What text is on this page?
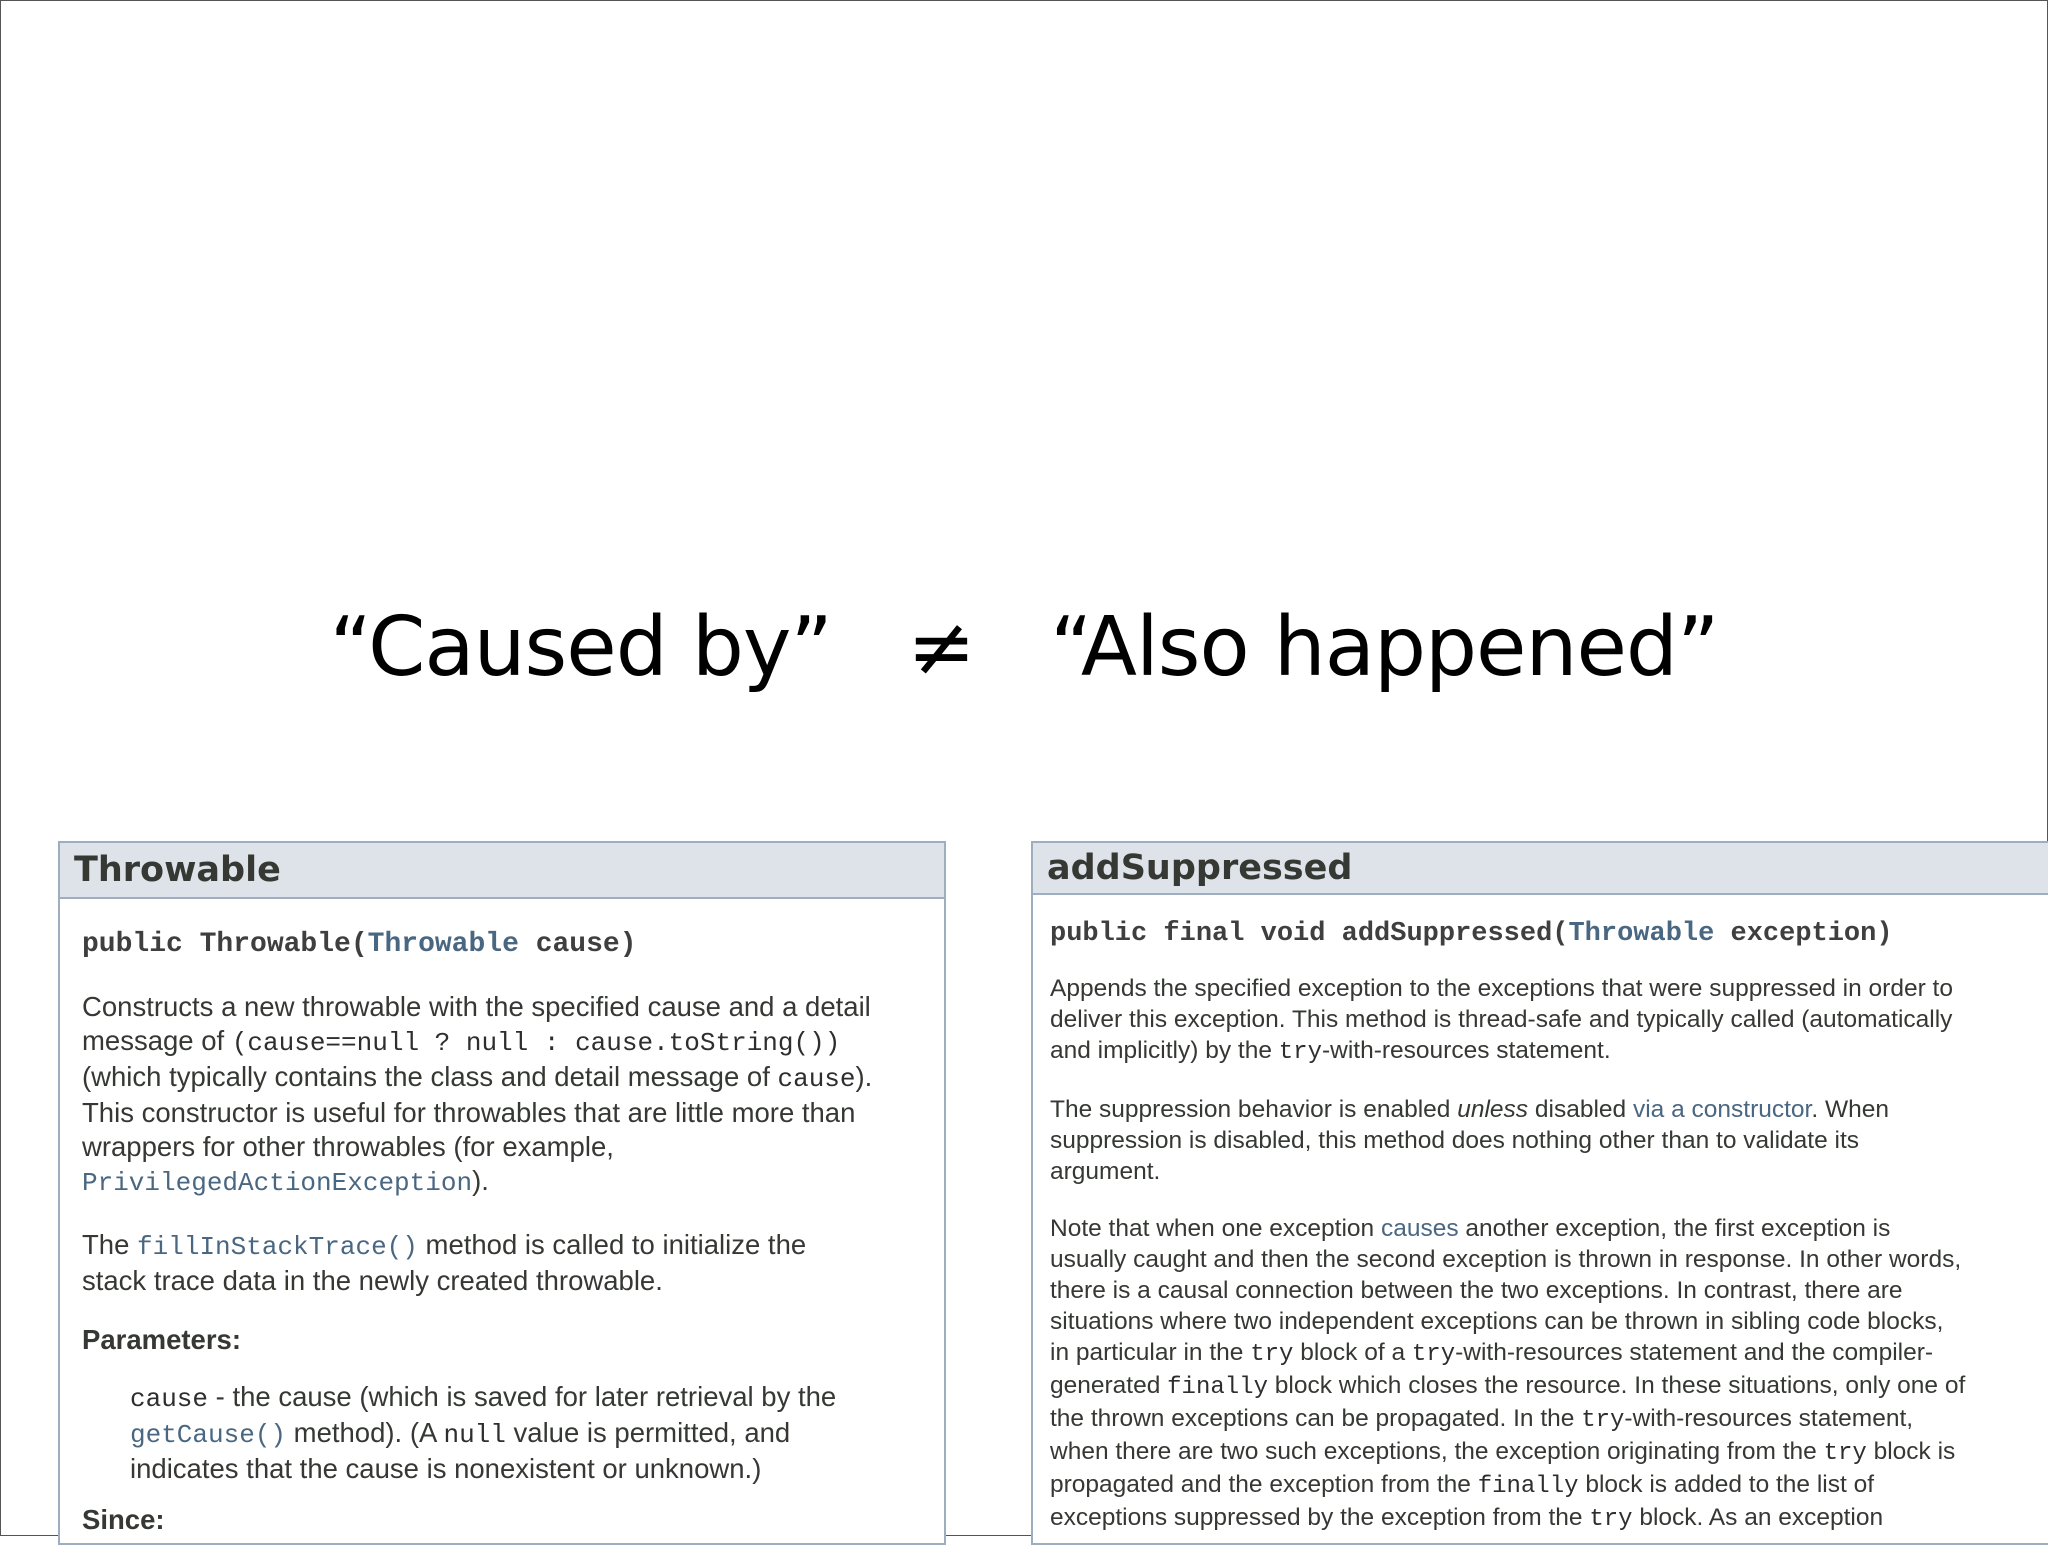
“Caused by”   ≠   “Also happened”
Throwable
public Throwable(Throwable cause)

Constructs a new throwable with the specified cause and a detail

message of (cause==null ? null : cause.toString())

(which typically contains the class and detail message of cause).

This constructor is useful for throwables that are little more than

wrappers for other throwables (for example,

PrivilegedActionException).

The fillInStackTrace() method is called to initialize the

stack trace data in the newly created throwable.

Parameters:

cause - the cause (which is saved for later retrieval by the

getCause() method). (A null value is permitted, and

indicates that the cause is nonexistent or unknown.)

Since:

addSuppressed
public final void addSuppressed(Throwable exception)

Appends the specified exception to the exceptions that were suppressed in order to

deliver this exception. This method is thread-safe and typically called (automatically

and implicitly) by the try-with-resources statement.

The suppression behavior is enabled unless disabled via a constructor. When

suppression is disabled, this method does nothing other than to validate its

argument.

Note that when one exception causes another exception, the first exception is

usually caught and then the second exception is thrown in response. In other words,

there is a causal connection between the two exceptions. In contrast, there are

situations where two independent exceptions can be thrown in sibling code blocks,

in particular in the try block of a try-with-resources statement and the compiler-

generated finally block which closes the resource. In these situations, only one of

the thrown exceptions can be propagated. In the try-with-resources statement,

when there are two such exceptions, the exception originating from the try block is

propagated and the exception from the finally block is added to the list of

exceptions suppressed by the exception from the try block. As an exception
